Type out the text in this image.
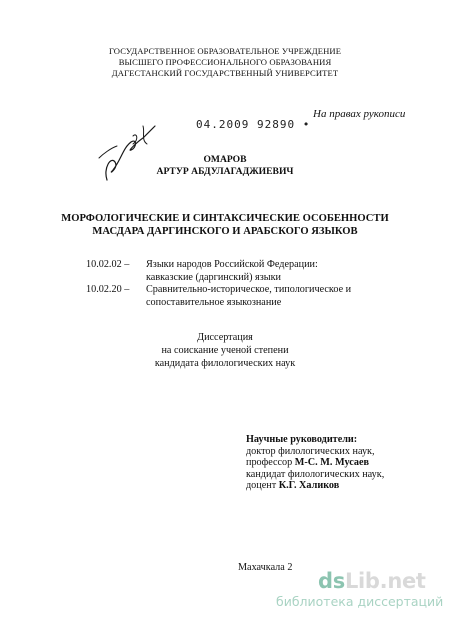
ГОСУДАРСТВЕННОЕ ОБРАЗОВАТЕЛЬНОЕ УЧРЕЖДЕНИЕ
ВЫСШЕГО ПРОФЕССИОНАЛЬНОГО ОБРАЗОВАНИЯ
ДАГЕСТАНСКИЙ ГОСУДАРСТВЕННЫЙ УНИВЕРСИТЕТ
На правах рукописи
04.2009 92890 •
ОМАРОВ
АРТУР АБДУЛАГАДЖИЕВИЧ
МОРФОЛОГИЧЕСКИЕ И СИНТАКСИЧЕСКИЕ ОСОБЕННОСТИ
МАСДАРА ДАРГИНСКОГО И АРАБСКОГО ЯЗЫКОВ
10.02.02 – Языки народов Российской Федерации:
кавказские (даргинский) языки
10.02.20 – Сравнительно-историческое, типологическое и
сопоставительное языкознание
Диссертация
на соискание ученой степени
кандидата филологических наук
Научные руководители:
доктор филологических наук,
профессор М-С. М. Мусаев
кандидат филологических наук,
доцент К.Г. Халиков
Махачкала 2
dsLib.net
библиотека диссертаций
